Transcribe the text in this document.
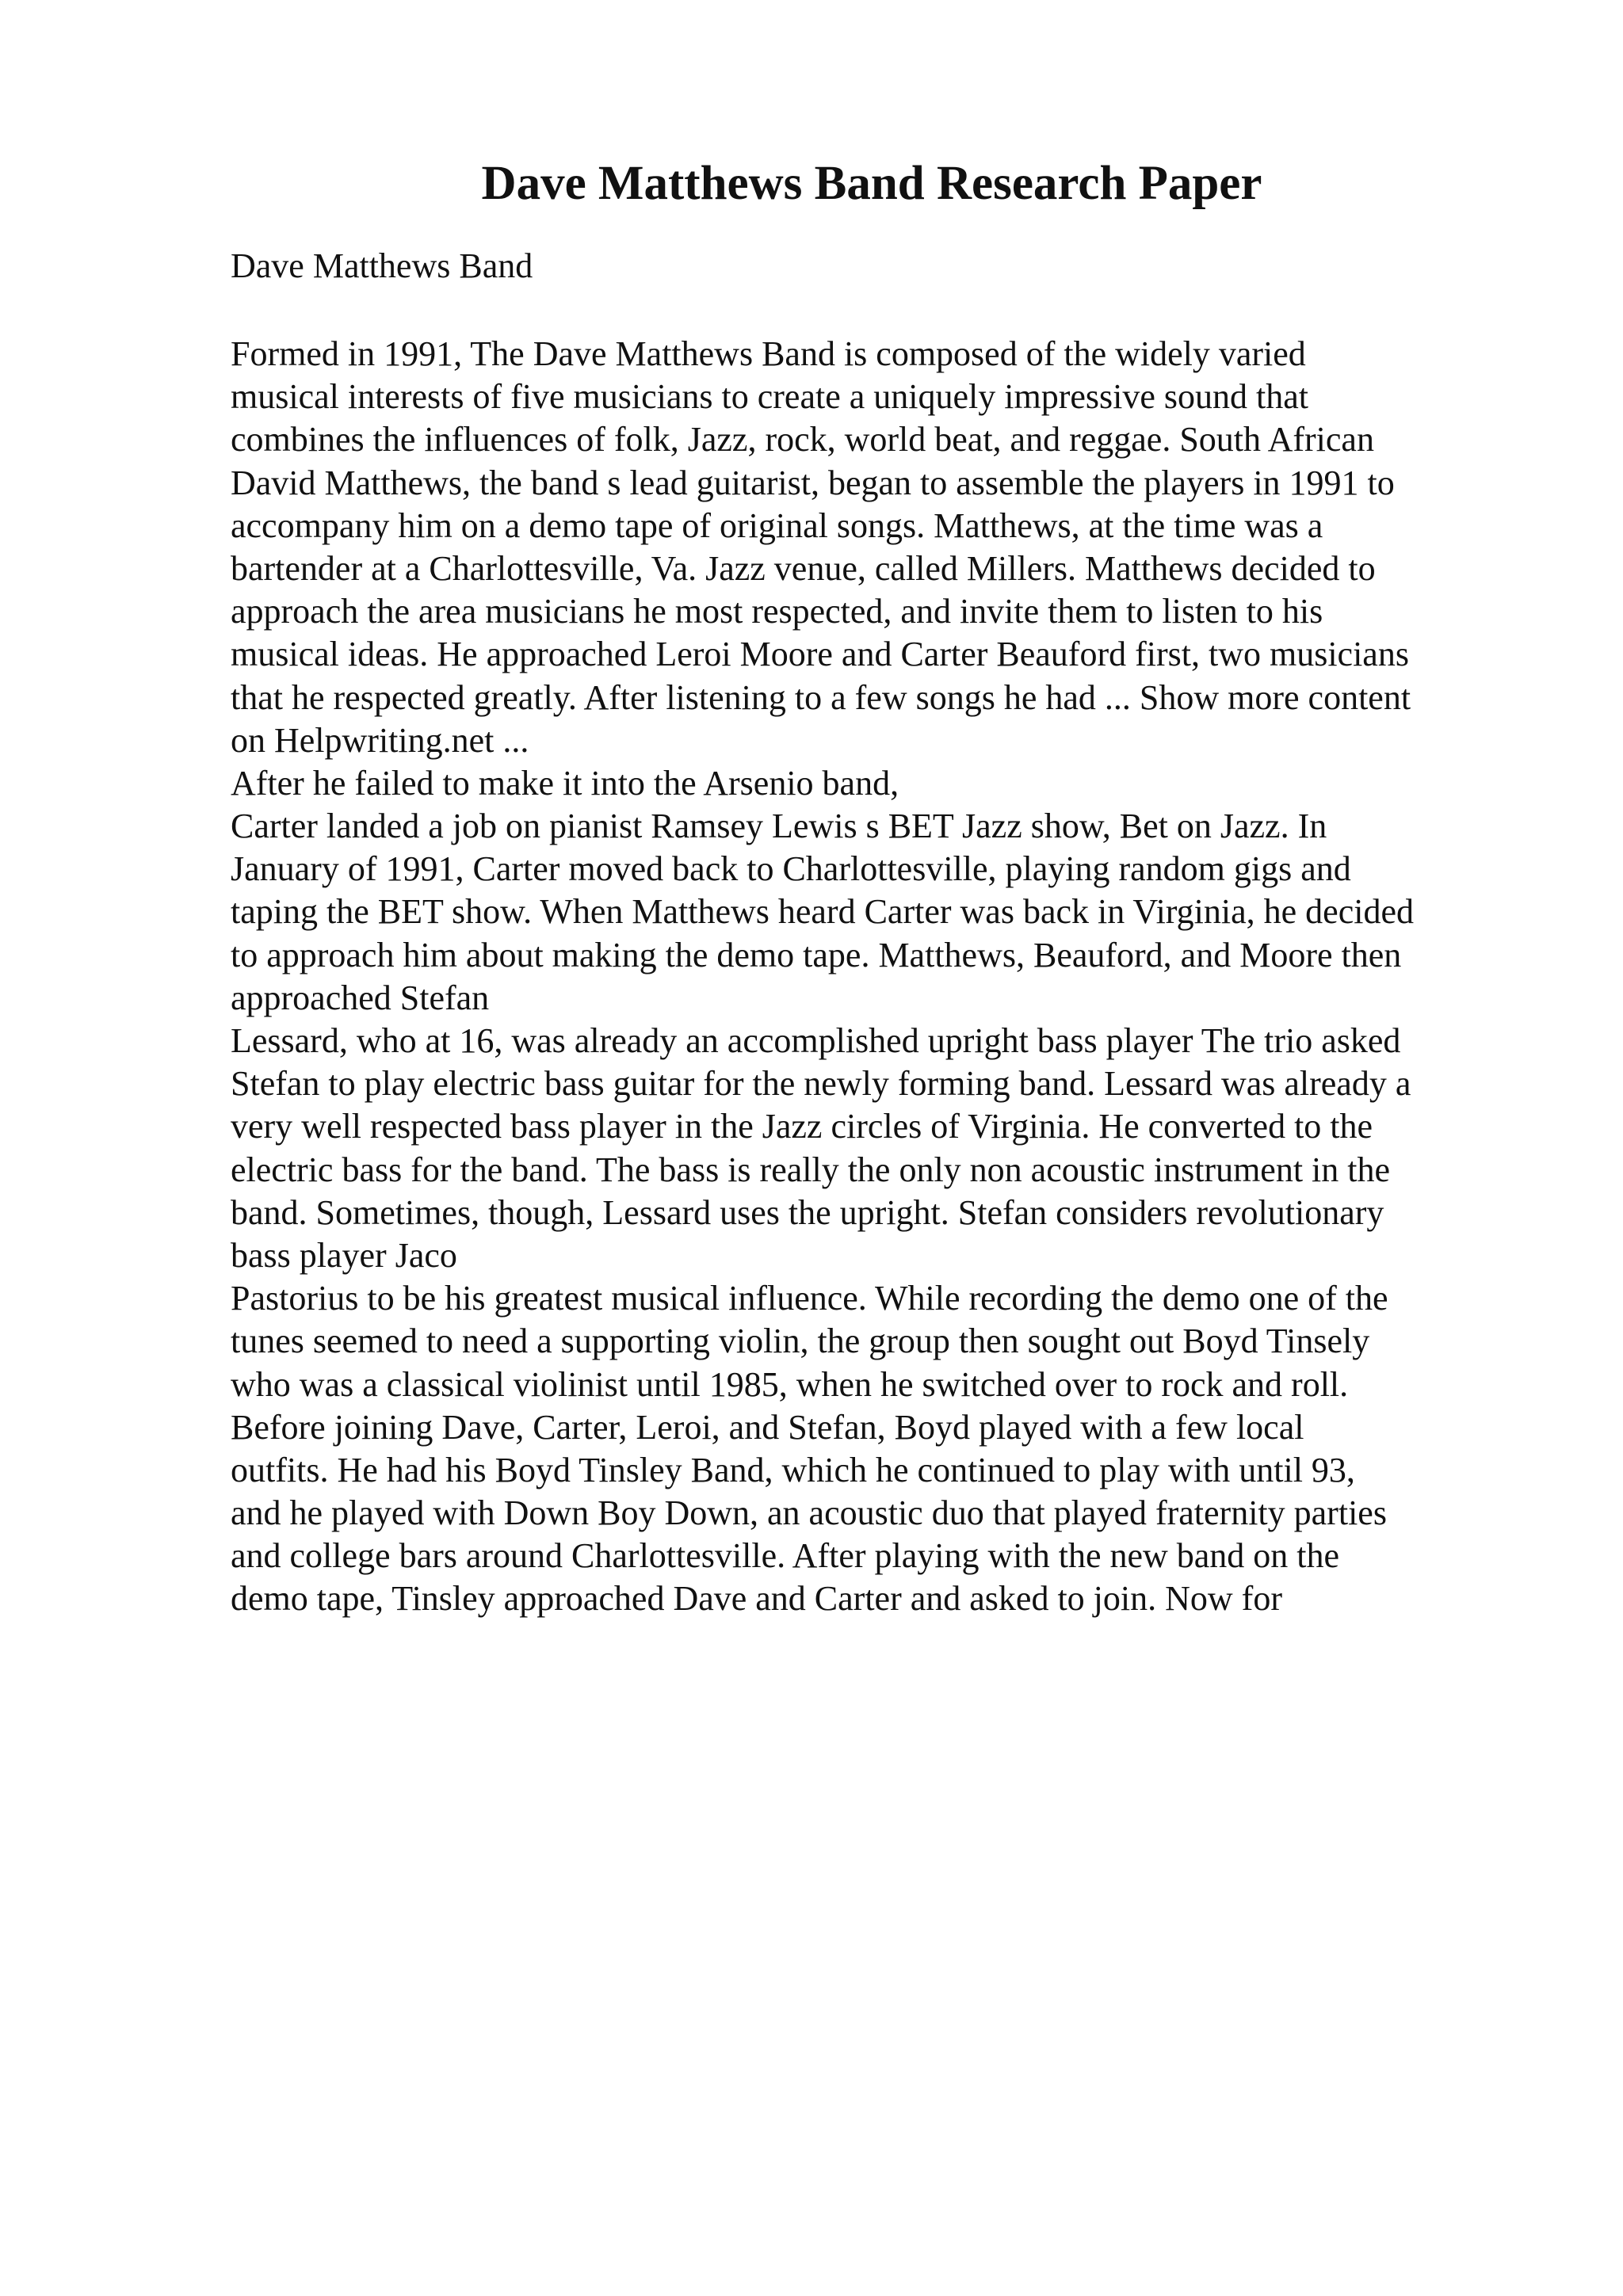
Dave Matthews Band Research Paper

Dave Matthews Band

Formed in 1991, The Dave Matthews Band is composed of the widely varied
musical interests of five musicians to create a uniquely impressive sound that
combines the influences of folk, Jazz, rock, world beat, and reggae. South African
David Matthews, the band s lead guitarist, began to assemble the players in 1991 to
accompany him on a demo tape of original songs. Matthews, at the time was a
bartender at a Charlottesville, Va. Jazz venue, called Millers. Matthews decided to
approach the area musicians he most respected, and invite them to listen to his
musical ideas. He approached Leroi Moore and Carter Beauford first, two musicians
that he respected greatly. After listening to a few songs he had ... Show more content
on Helpwriting.net ...
After he failed to make it into the Arsenio band,
Carter landed a job on pianist Ramsey Lewis s BET Jazz show, Bet on Jazz. In
January of 1991, Carter moved back to Charlottesville, playing random gigs and
taping the BET show. When Matthews heard Carter was back in Virginia, he decided
to approach him about making the demo tape. Matthews, Beauford, and Moore then
approached Stefan
Lessard, who at 16, was already an accomplished upright bass player The trio asked
Stefan to play electric bass guitar for the newly forming band. Lessard was already a
very well respected bass player in the Jazz circles of Virginia. He converted to the
electric bass for the band. The bass is really the only non acoustic instrument in the
band. Sometimes, though, Lessard uses the upright. Stefan considers revolutionary
bass player Jaco
Pastorius to be his greatest musical influence. While recording the demo one of the
tunes seemed to need a supporting violin, the group then sought out Boyd Tinsely
who was a classical violinist until 1985, when he switched over to rock and roll.
Before joining Dave, Carter, Leroi, and Stefan, Boyd played with a few local
outfits. He had his Boyd Tinsley Band, which he continued to play with until 93,
and he played with Down Boy Down, an acoustic duo that played fraternity parties
and college bars around Charlottesville. After playing with the new band on the
demo tape, Tinsley approached Dave and Carter and asked to join. Now for
